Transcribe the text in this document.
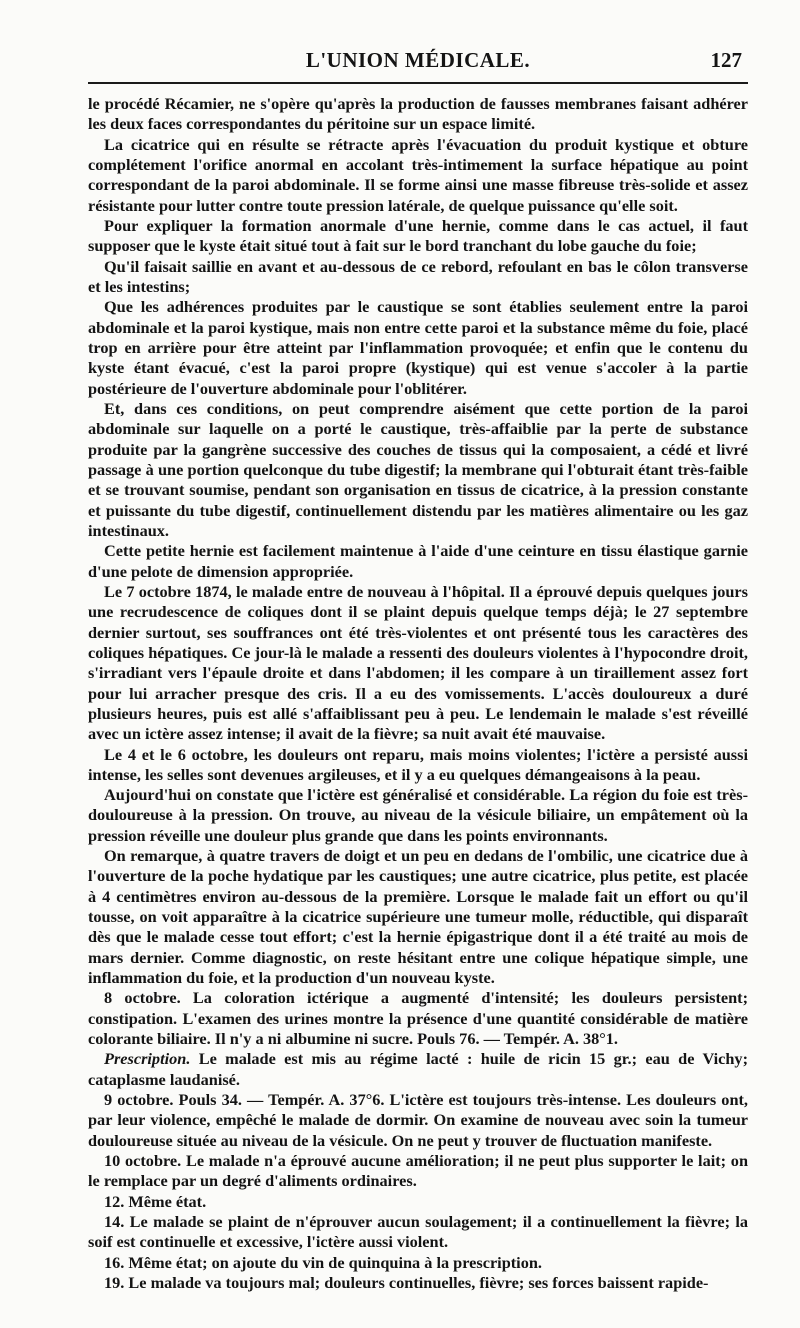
L'UNION MÉDICALE.	127

le procédé Récamier, ne s'opère qu'après la production de fausses membranes faisant adhérer les deux faces correspondantes du péritoine sur un espace limité.

La cicatrice qui en résulte se rétracte après l'évacuation du produit kystique et obture complétement l'orifice anormal en accolant très-intimement la surface hépatique au point correspondant de la paroi abdominale. Il se forme ainsi une masse fibreuse très-solide et assez résistante pour lutter contre toute pression latérale, de quelque puissance qu'elle soit.

Pour expliquer la formation anormale d'une hernie, comme dans le cas actuel, il faut supposer que le kyste était situé tout à fait sur le bord tranchant du lobe gauche du foie;

Qu'il faisait saillie en avant et au-dessous de ce rebord, refoulant en bas le côlon transverse et les intestins;

Que les adhérences produites par le caustique se sont établies seulement entre la paroi abdominale et la paroi kystique, mais non entre cette paroi et la substance même du foie, placé trop en arrière pour être atteint par l'inflammation provoquée; et enfin que le contenu du kyste étant évacué, c'est la paroi propre (kystique) qui est venue s'accoler à la partie postérieure de l'ouverture abdominale pour l'oblitérer.

Et, dans ces conditions, on peut comprendre aisément que cette portion de la paroi abdominale sur laquelle on a porté le caustique, très-affaiblie par la perte de substance produite par la gangrène successive des couches de tissus qui la composaient, a cédé et livré passage à une portion quelconque du tube digestif; la membrane qui l'obturait étant très-faible et se trouvant soumise, pendant son organisation en tissus de cicatrice, à la pression constante et puissante du tube digestif, continuellement distendu par les matières alimentaire ou les gaz intestinaux.

Cette petite hernie est facilement maintenue à l'aide d'une ceinture en tissu élastique garnie d'une pelote de dimension appropriée.

Le 7 octobre 1874, le malade entre de nouveau à l'hôpital. Il a éprouvé depuis quelques jours une recrudescence de coliques dont il se plaint depuis quelque temps déjà; le 27 septembre dernier surtout, ses souffrances ont été très-violentes et ont présenté tous les caractères des coliques hépatiques. Ce jour-là le malade a ressenti des douleurs violentes à l'hypocondre droit, s'irradiant vers l'épaule droite et dans l'abdomen; il les compare à un tiraillement assez fort pour lui arracher presque des cris. Il a eu des vomissements. L'accès douloureux a duré plusieurs heures, puis est allé s'affaiblissant peu à peu. Le lendemain le malade s'est réveillé avec un ictère assez intense; il avait de la fièvre; sa nuit avait été mauvaise.

Le 4 et le 6 octobre, les douleurs ont reparu, mais moins violentes; l'ictère a persisté aussi intense, les selles sont devenues argileuses, et il y a eu quelques démangeaisons à la peau.

Aujourd'hui on constate que l'ictère est généralisé et considérable. La région du foie est très-douloureuse à la pression. On trouve, au niveau de la vésicule biliaire, un empâtement où la pression réveille une douleur plus grande que dans les points environnants.

On remarque, à quatre travers de doigt et un peu en dedans de l'ombilic, une cicatrice due à l'ouverture de la poche hydatique par les caustiques; une autre cicatrice, plus petite, est placée à 4 centimètres environ au-dessous de la première. Lorsque le malade fait un effort ou qu'il tousse, on voit apparaître à la cicatrice supérieure une tumeur molle, réductible, qui disparaît dès que le malade cesse tout effort; c'est la hernie épigastrique dont il a été traité au mois de mars dernier. Comme diagnostic, on reste hésitant entre une colique hépatique simple, une inflammation du foie, et la production d'un nouveau kyste.

8 octobre. La coloration ictérique a augmenté d'intensité; les douleurs persistent; constipation. L'examen des urines montre la présence d'une quantité considérable de matière colorante biliaire. Il n'y a ni albumine ni sucre. Pouls 76. — Tempér. A. 38°1.

Prescription. Le malade est mis au régime lacté : huile de ricin 15 gr.; eau de Vichy; cataplasme laudanisé.

9 octobre. Pouls 34. — Tempér. A. 37°6. L'ictère est toujours très-intense. Les douleurs ont, par leur violence, empêché le malade de dormir. On examine de nouveau avec soin la tumeur douloureuse située au niveau de la vésicule. On ne peut y trouver de fluctuation manifeste.

10 octobre. Le malade n'a éprouvé aucune amélioration; il ne peut plus supporter le lait; on le remplace par un degré d'aliments ordinaires.

12. Même état.

14. Le malade se plaint de n'éprouver aucun soulagement; il a continuellement la fièvre; la soif est continuelle et excessive, l'ictère aussi violent.

16. Même état; on ajoute du vin de quinquina à la prescription.

19. Le malade va toujours mal; douleurs continuelles, fièvre; ses forces baissent rapide-
